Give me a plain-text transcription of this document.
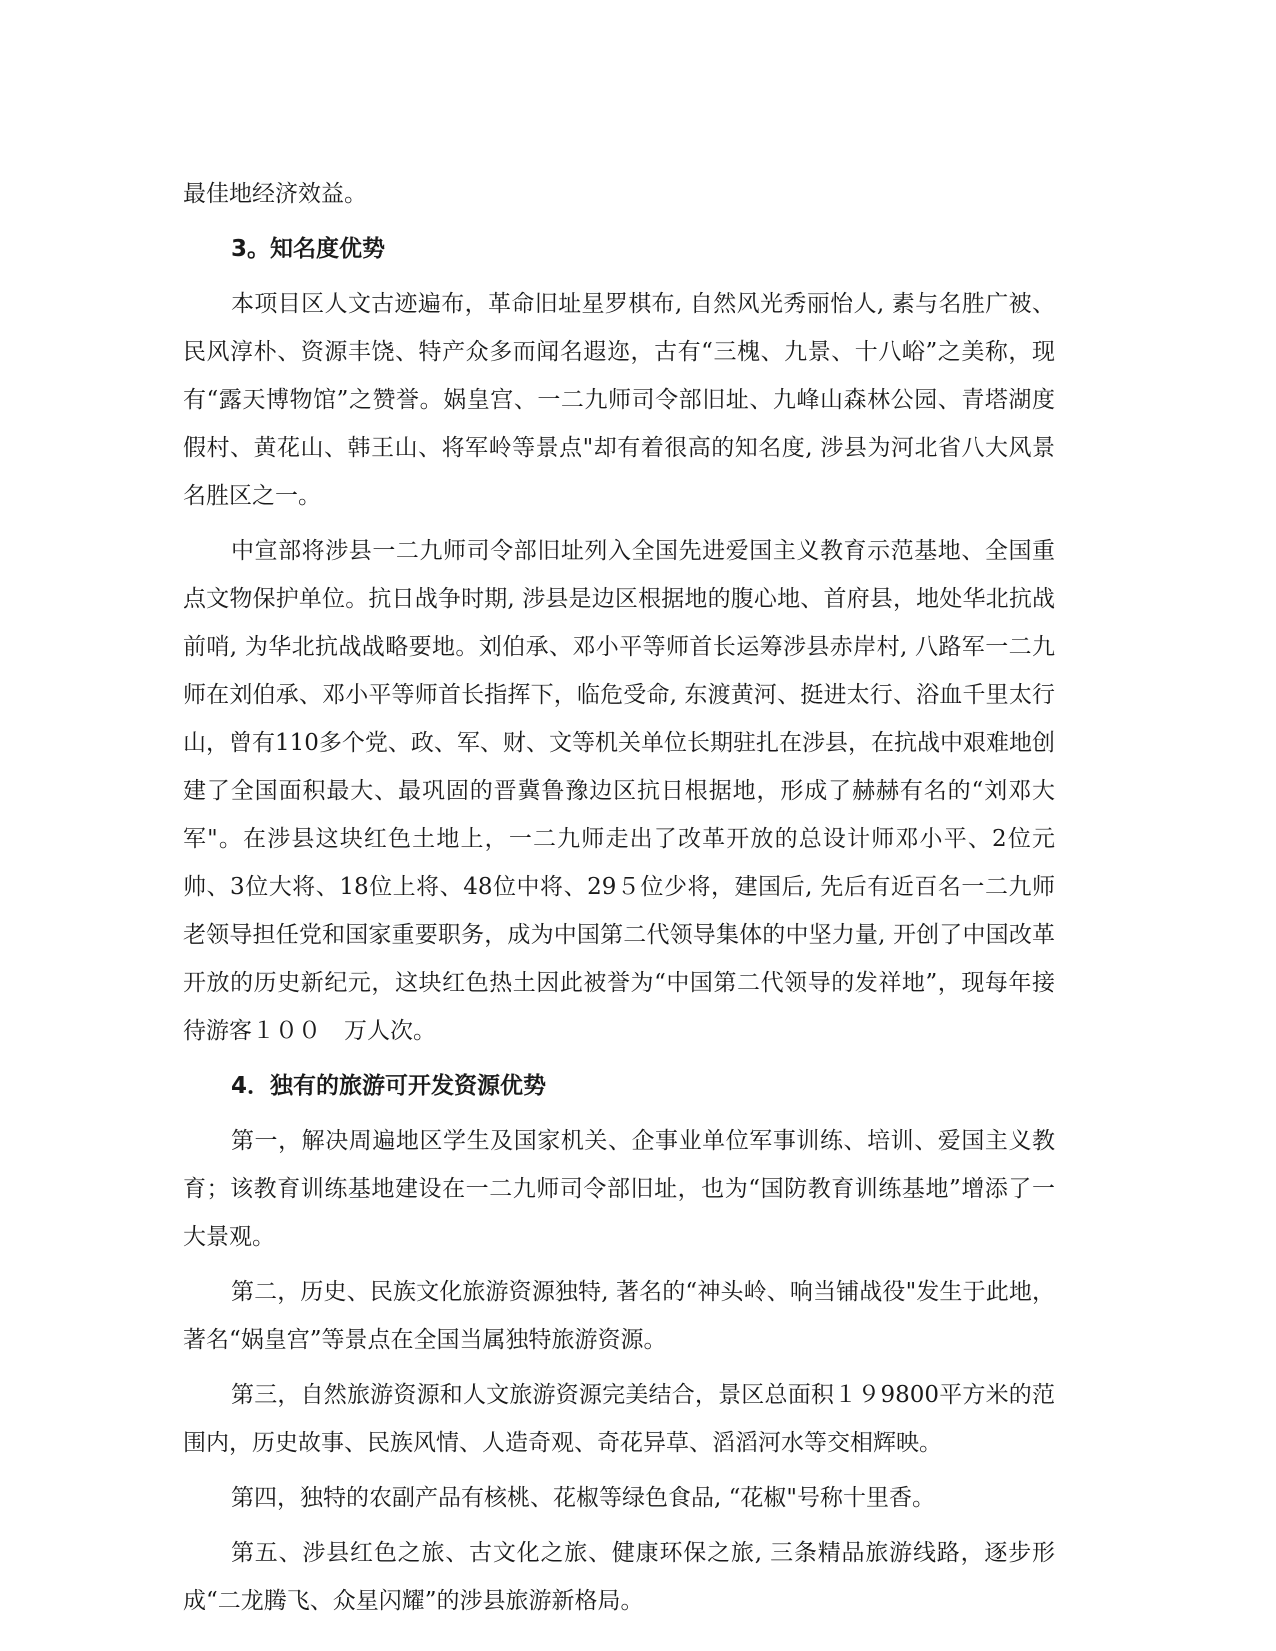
最佳地经济效益。

3。知名度优势

本项目区人文古迹遍布，革命旧址星罗棋布, 自然风光秀丽怡人, 素与名胜广被、民风淳朴、资源丰饶、特产众多而闻名遐迩，古有“三槐、九景、十八峪”之美称，现有“露天博物馆”之赞誉。娲皇宫、一二九师司令部旧址、九峰山森林公园、青塔湖度假村、黄花山、韩王山、将军岭等景点"却有着很高的知名度, 涉县为河北省八大风景名胜区之一。

中宣部将涉县一二九师司令部旧址列入全国先进爱国主义教育示范基地、全国重点文物保护单位。抗日战争时期, 涉县是边区根据地的腹心地、首府县，地处华北抗战前哨, 为华北抗战战略要地。刘伯承、邓小平等师首长运筹涉县赤岸村, 八路军一二九师在刘伯承、邓小平等师首长指挥下，临危受命, 东渡黄河、挺进太行、浴血千里太行山，曾有110多个党、政、军、财、文等机关单位长期驻扎在涉县，在抗战中艰难地创建了全国面积最大、最巩固的晋冀鲁豫边区抗日根据地，形成了赫赫有名的“刘邓大军"。在涉县这块红色土地上，一二九师走出了改革开放的总设计师邓小平、2位元帅、3位大将、18位上将、48位中将、29５位少将，建国后, 先后有近百名一二九师老领导担任党和国家重要职务，成为中国第二代领导集体的中坚力量, 开创了中国改革开放的历史新纪元，这块红色热土因此被誉为“中国第二代领导的发祥地”，现每年接待游客１００　万人次。

4．独有的旅游可开发资源优势

第一，解决周遍地区学生及国家机关、企事业单位军事训练、培训、爱国主义教育；该教育训练基地建设在一二九师司令部旧址，也为“国防教育训练基地”增添了一大景观。

第二，历史、民族文化旅游资源独特, 著名的“神头岭、响当铺战役"发生于此地，著名“娲皇宫”等景点在全国当属独特旅游资源。

第三，自然旅游资源和人文旅游资源完美结合，景区总面积１９9800平方米的范围内，历史故事、民族风情、人造奇观、奇花异草、滔滔河水等交相辉映。

第四，独特的农副产品有核桃、花椒等绿色食品, “花椒"号称十里香。

第五、涉县红色之旅、古文化之旅、健康环保之旅, 三条精品旅游线路，逐步形成“二龙腾飞、众星闪耀”的涉县旅游新格局。
